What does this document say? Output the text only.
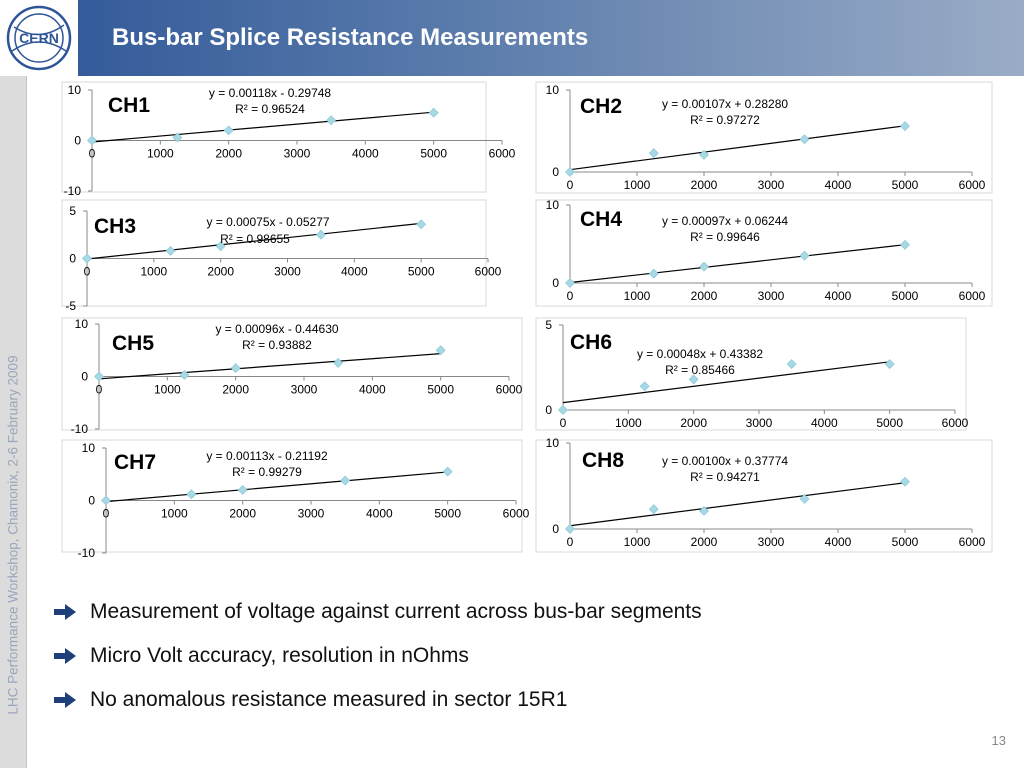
LHC Performance Workshop, Chamonix, 2-6 February 2009
CERN Bus-bar Splice Resistance Measurements
-10
0
10
0	1000	2000	3000	4000	5000	6000
CH1
y = 0.00118x - 0.29748
R² = 0.96524
0
10
0	1000	2000	3000	4000	5000	6000
CH2	y = 0.00107x + 0.28280
R² = 0.97272
-5
0
5
0	1000	2000	3000	4000	5000	6000
CH3	y = 0.00075x - 0.05277
R² = 0.98655
0
10
0	1000	2000	3000	4000	5000	6000
CH4	y = 0.00097x + 0.06244
R² = 0.99646
-10
0
10
0	1000	2000	3000	4000	5000	6000
CH5
y = 0.00096x - 0.44630
R² = 0.93882
0
5
0	1000	2000	3000	4000	5000	6000
CH6 y = 0.00048x + 0.43382
R² = 0.85466
-10
0
10
0	1000	2000	3000	4000	5000	6000
CH7	y = 0.00113x - 0.21192
R² = 0.99279
0
10
0	1000	2000	3000	4000	5000	6000
CH8	y = 0.00100x + 0.37774
R² = 0.94271
Measurement of voltage against current across bus-bar segments
Micro Volt accuracy, resolution in nOhms
No anomalous resistance measured in sector 15R1
13
